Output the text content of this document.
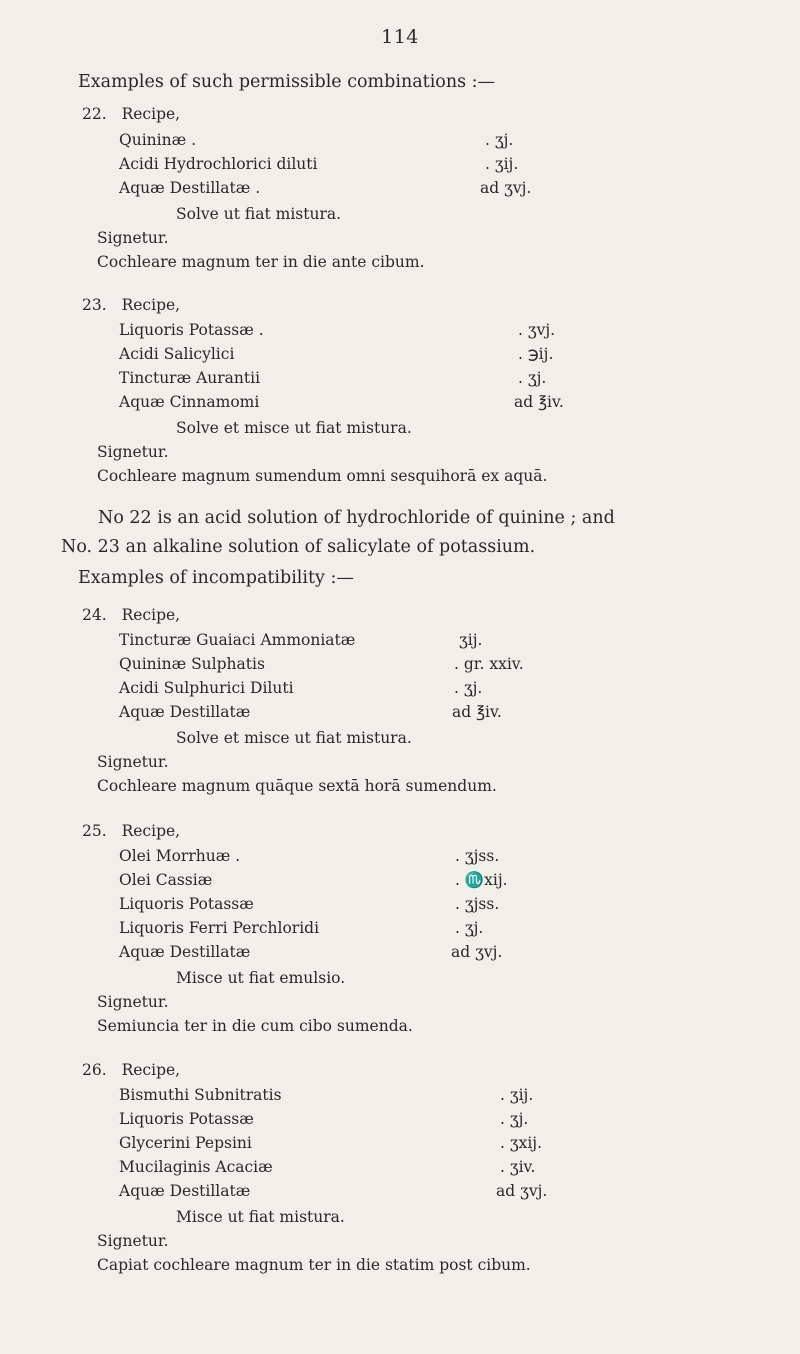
114
Examples of such permissible combinations :—
22. Recipe,
Quininæ .	. ʒj.
Acidi Hydrochlorici diluti	. ʒij.
Aquæ Destillatæ .	ad ʒvj.
Solve ut fiat mistura.
Signetur.
Cochleare magnum ter in die ante cibum.
23. Recipe,
Liquoris Potassæ .	. ʒvj.
Acidi Salicylici	. ℈ij.
Tincturæ Aurantii	. ʒj.
Aquæ Cinnamomi	ad ℥iv.
Solve et misce ut fiat mistura.
Signetur.
Cochleare magnum sumendum omni sesquihorā ex aquā.
No 22 is an acid solution of hydrochloride of quinine ; and
No. 23 an alkaline solution of salicylate of potassium.
Examples of incompatibility :—
24. Recipe,
Tincturæ Guaiaci Ammoniatæ	ʒij.
Quininæ Sulphatis	. gr. xxiv.
Acidi Sulphurici Diluti	. ʒj.
Aquæ Destillatæ	ad ℥iv.
Solve et misce ut fiat mistura.
Signetur.
Cochleare magnum quāque sextā horā sumendum.
25. Recipe,
Olei Morrhuæ .	. ʒjss.
Olei Cassiæ	. ♏xij.
Liquoris Potassæ	. ʒjss.
Liquoris Ferri Perchloridi	. ʒj.
Aquæ Destillatæ	ad ʒvj.
Misce ut fiat emulsio.
Signetur.
Semiuncia ter in die cum cibo sumenda.
26. Recipe,
Bismuthi Subnitratis	. ʒij.
Liquoris Potassæ	. ʒj.
Glycerini Pepsini	. ʒxij.
Mucilaginis Acaciæ	. ʒiv.
Aquæ Destillatæ	ad ʒvj.
Misce ut fiat mistura.
Signetur.
Capiat cochleare magnum ter in die statim post cibum.
